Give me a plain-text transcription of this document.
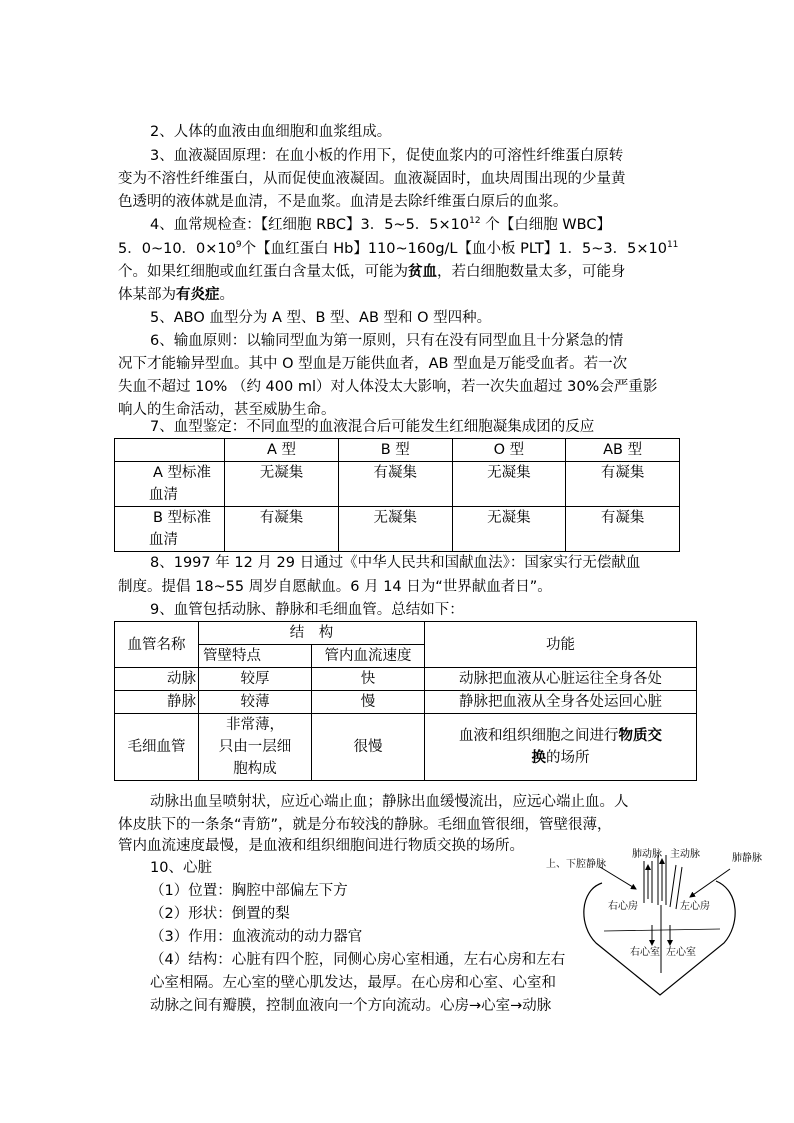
2、人体的血液由血细胞和血浆组成。
3、血液凝固原理：在血小板的作用下，促使血浆内的可溶性纤维蛋白原转
变为不溶性纤维蛋白，从而促使血液凝固。血液凝固时，血块周围出现的少量黄
色透明的液体就是血清，不是血浆。血清是去除纤维蛋白原后的血浆。
4、血常规检查：【红细胞 RBC】3．5~5．$5\times 10^{12}$ 个【白细胞 WBC】
5．0~10．$0\times 10^9$个【血红蛋白 Hb】110~160g/L【血小板 PLT】1．5~3．$5\times 10^{11}$
个。如果红细胞或血红蛋白含量太低，可能为贫血，若白细胞数量太多，可能身
体某部为有炎症。
5、ABO 血型分为 A 型、B 型、AB 型和 O 型四种。
6、输血原则：以输同型血为第一原则，只有在没有同型血且十分紧急的情
况下才能输异型血。其中 O 型血是万能供血者，AB 型血是万能受血者。若一次
失血不超过 10% （约 400 ml）对人体没太大影响，若一次失血超过 30%会严重影
响人的生命活动，甚至威胁生命。
7、血型鉴定：不同血型的血液混合后可能发生红细胞凝集成团的反应
	A 型	B 型	O 型	AB 型
A 型标准
血清	无凝集	有凝集	无凝集	有凝集
B 型标准
血清	有凝集	无凝集	无凝集	有凝集
8、1997 年 12 月 29 日通过《中华人民共和国献血法》：国家实行无偿献血
制度。提倡 18~55 周岁自愿献血。6 月 14 日为“世界献血者日”。
9、血管包括动脉、静脉和毛细血管。总结如下：
血管名称	结　构		功能
	管壁特点	管内血流速度	
动脉	较厚	快	动脉把血液从心脏运往全身各处
静脉	较薄	慢	静脉把血液从全身各处运回心脏
毛细血管	非常薄，
只由一层细
胞构成	很慢	血液和组织细胞之间进行物质交
换的场所
动脉出血呈喷射状，应近心端止血；静脉出血缓慢流出，应远心端止血。人
体皮肤下的一条条“青筋”，就是分布较浅的静脉。毛细血管很细，管壁很薄，
管内血流速度最慢，是血液和组织细胞间进行物质交换的场所。
10、心脏
（1）位置：胸腔中部偏左下方
（2）形状：倒置的梨
（3）作用：血液流动的动力器官
（4）结构：心脏有四个腔，同侧心房心室相通，左右心房和左右
心室相隔。左心室的壁心肌发达，最厚。在心房和心室、心室和
动脉之间有瓣膜，控制血液向一个方向流动。心房→心室→动脉
上、下腔静脉
肺动脉 主动脉	肺静脉
右心房	左心房
右心室 左心室
